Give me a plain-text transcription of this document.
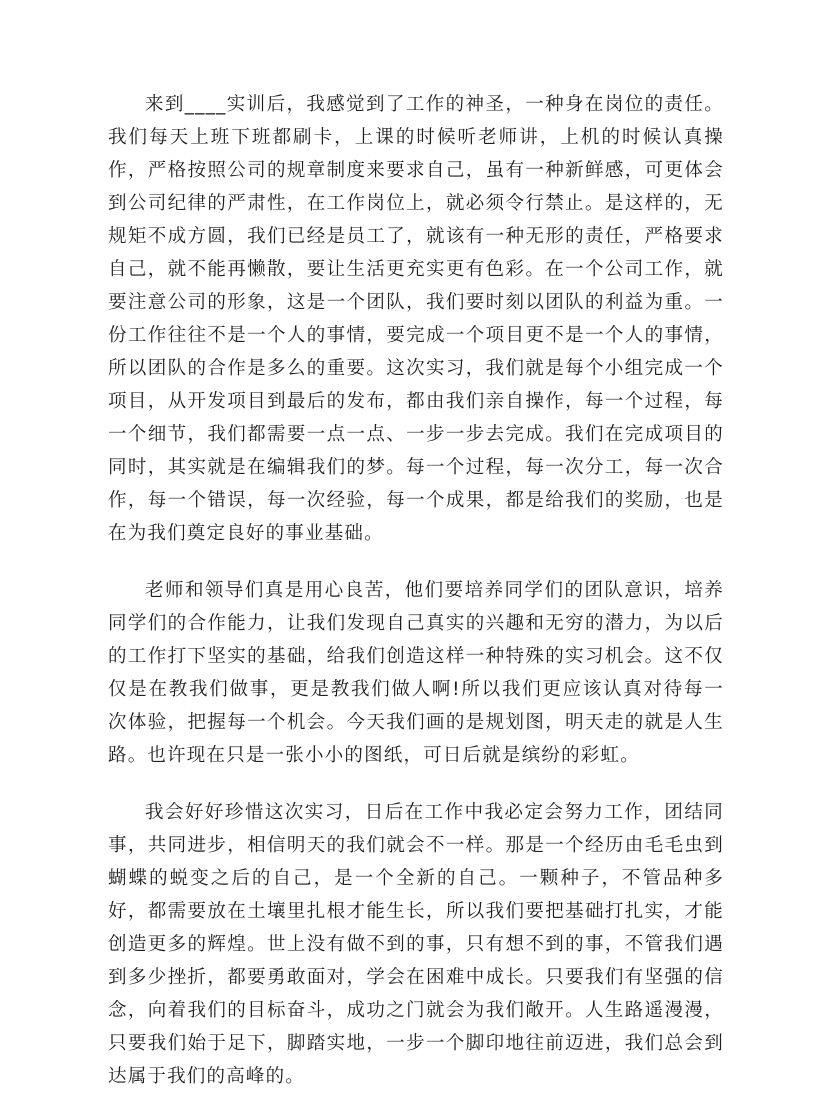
来到____实训后，我感觉到了工作的神圣，一种身在岗位的责任。我们每天上班下班都刷卡，上课的时候听老师讲，上机的时候认真操作，严格按照公司的规章制度来要求自己，虽有一种新鲜感，可更体会到公司纪律的严肃性，在工作岗位上，就必须令行禁止。是这样的，无规矩不成方圆，我们已经是员工了，就该有一种无形的责任，严格要求自己，就不能再懒散，要让生活更充实更有色彩。在一个公司工作，就要注意公司的形象，这是一个团队，我们要时刻以团队的利益为重。一份工作往往不是一个人的事情，要完成一个项目更不是一个人的事情，所以团队的合作是多么的重要。这次实习，我们就是每个小组完成一个项目，从开发项目到最后的发布，都由我们亲自操作，每一个过程，每一个细节，我们都需要一点一点、一步一步去完成。我们在完成项目的同时，其实就是在编辑我们的梦。每一个过程，每一次分工，每一次合作，每一个错误，每一次经验，每一个成果，都是给我们的奖励，也是在为我们奠定良好的事业基础。

老师和领导们真是用心良苦，他们要培养同学们的团队意识，培养同学们的合作能力，让我们发现自己真实的兴趣和无穷的潜力，为以后的工作打下坚实的基础，给我们创造这样一种特殊的实习机会。这不仅仅是在教我们做事，更是教我们做人啊!所以我们更应该认真对待每一次体验，把握每一个机会。今天我们画的是规划图，明天走的就是人生路。也许现在只是一张小小的图纸，可日后就是缤纷的彩虹。

我会好好珍惜这次实习，日后在工作中我必定会努力工作，团结同事，共同进步，相信明天的我们就会不一样。那是一个经历由毛毛虫到蝴蝶的蜕变之后的自己，是一个全新的自己。一颗种子，不管品种多好，都需要放在土壤里扎根才能生长，所以我们要把基础打扎实，才能创造更多的辉煌。世上没有做不到的事，只有想不到的事，不管我们遇到多少挫折，都要勇敢面对，学会在困难中成长。只要我们有坚强的信念，向着我们的目标奋斗，成功之门就会为我们敞开。人生路遥漫漫，只要我们始于足下，脚踏实地，一步一个脚印地往前迈进，我们总会到达属于我们的高峰的。
